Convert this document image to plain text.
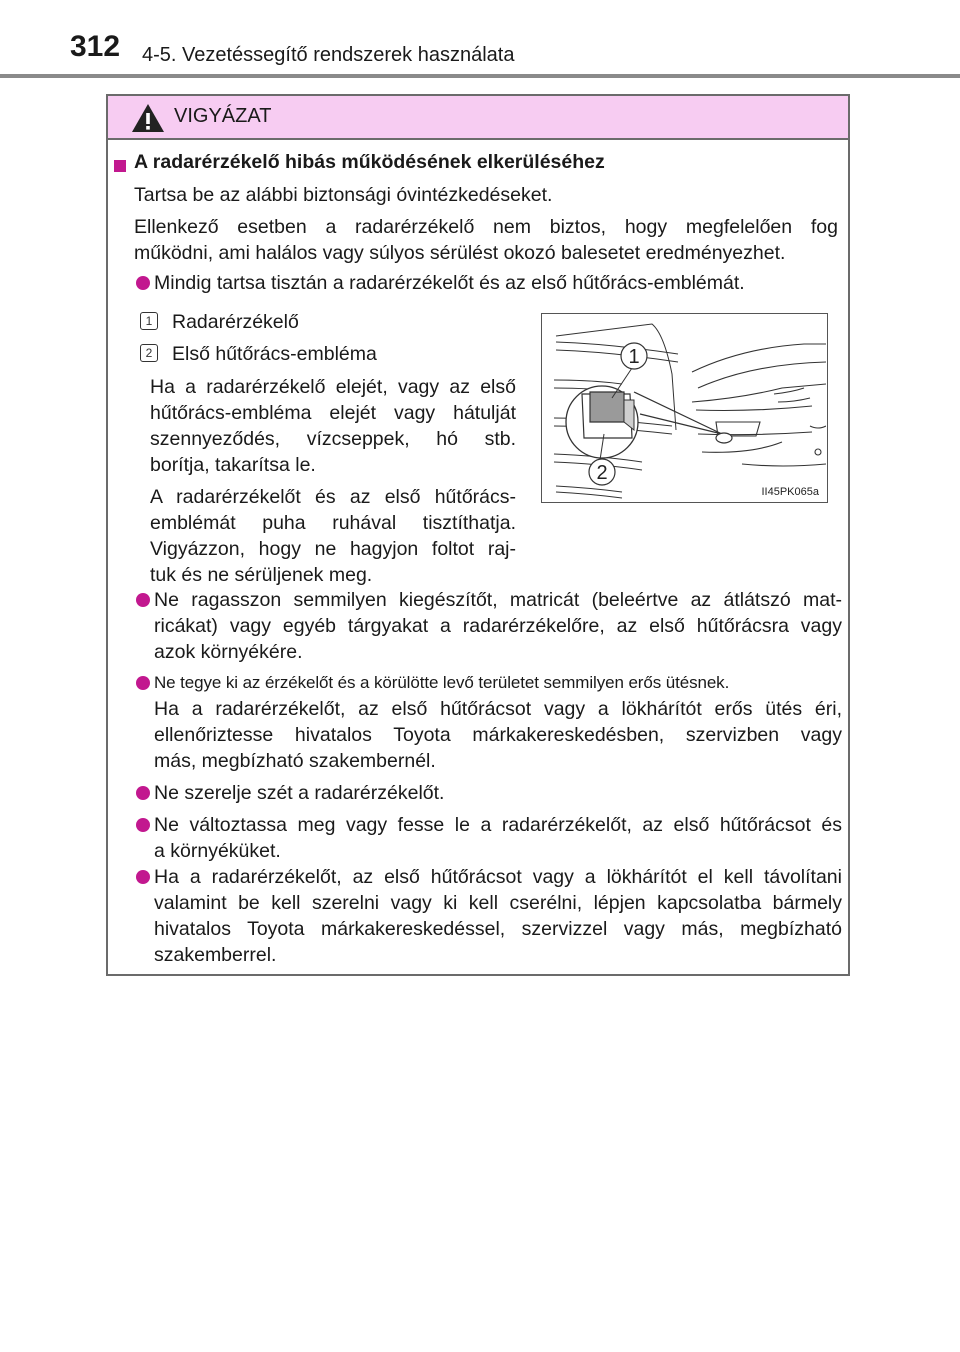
312 4-5. Vezetéssegítő rendszerek használata
VIGYÁZAT
A radarérzékelő hibás működésének elkerüléséhez
Tartsa be az alábbi biztonsági óvintézkedéseket.
Ellenkező esetben a radarérzékelő nem biztos, hogy megfelelően fog
működni, ami halálos vagy súlyos sérülést okozó balesetet eredményezhet.
Mindig tartsa tisztán a radarérzékelőt és az első hűtőrács-emblémát.
1 Radarérzékelő
2 Első hűtőrács-embléma
Ha a radarérzékelő elejét, vagy az első
hűtőrács-embléma elejét vagy hátulját
szennyeződés, vízcseppek, hó stb.
borítja, takarítsa le.
A radarérzékelőt és az első hűtőrács-
emblémát puha ruhával tisztíthatja.
Vigyázzon, hogy ne hagyjon foltot raj-
tuk és ne sérüljenek meg.
1
2
II45PK065a
Ne ragasszon semmilyen kiegészítőt, matricát (beleértve az átlátszó mat-
ricákat) vagy egyéb tárgyakat a radarérzékelőre, az első hűtőrácsra vagy
azok környékére.
Ne tegye ki az érzékelőt és a körülötte levő területet semmilyen erős ütésnek.
Ha a radarérzékelőt, az első hűtőrácsot vagy a lökhárítót erős ütés éri,
ellenőriztesse hivatalos Toyota márkakereskedésben, szervizben vagy
más, megbízható szakembernél.
Ne szerelje szét a radarérzékelőt.
Ne változtassa meg vagy fesse le a radarérzékelőt, az első hűtőrácsot és
a környéküket.
Ha a radarérzékelőt, az első hűtőrácsot vagy a lökhárítót el kell távolítani
valamint be kell szerelni vagy ki kell cserélni, lépjen kapcsolatba bármely
hivatalos Toyota márkakereskedéssel, szervizzel vagy más, megbízható
szakemberrel.
